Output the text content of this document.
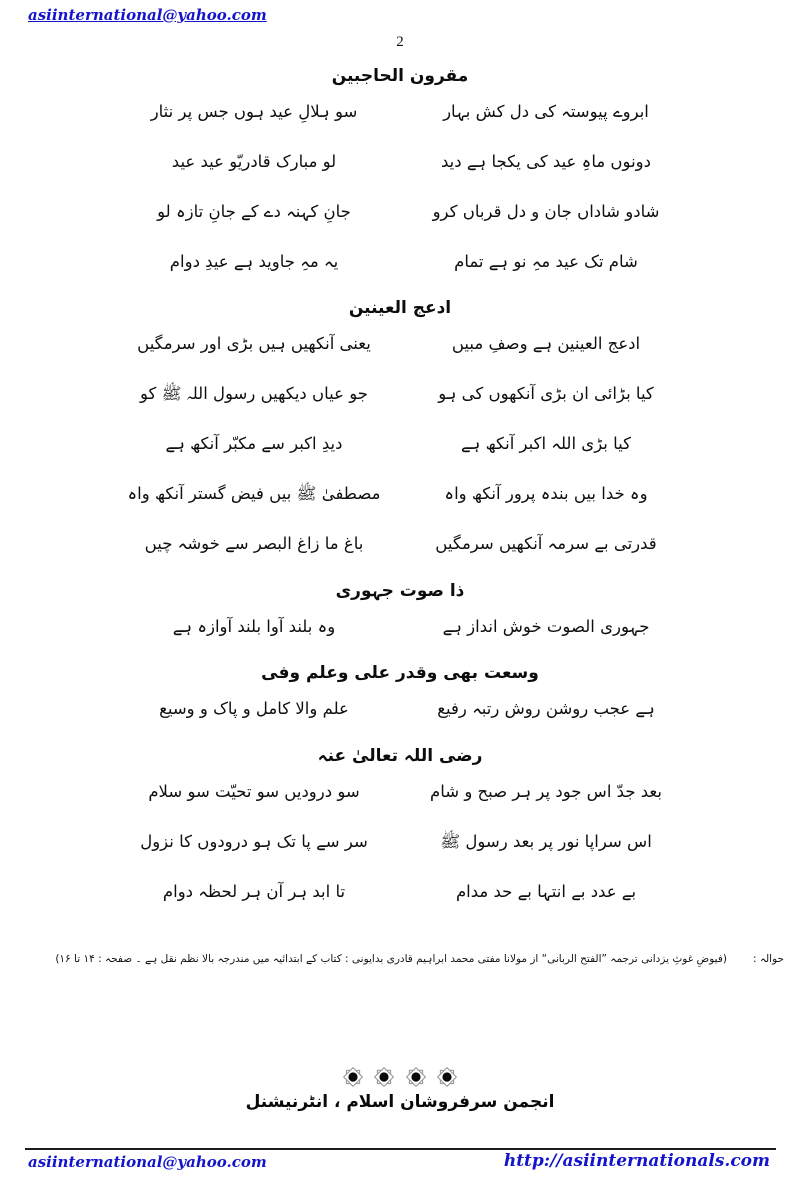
asiinternational@yahoo.com
2
مقرون الحاجبین
ابروے پیوستہ کی دل کش بہار
سو ہلالِ عید ہوں جس پر نثار
دونوں ماہِ عید کی یکجا ہے دید
لو مبارک قادریّو عید عید
شادو شاداں جان و دل قرباں کرو
جانِ کہنہ دے کے جانِ تازہ لو
شام تک عید مہِ نو ہے تمام
یہ مہِ جاوید ہے عیدِ دوام
ادعج العینین
ادعج العینین ہے وصفِ مبیں
یعنی آنکھیں ہیں بڑی اور سرمگیں
کیا بڑائی ان بڑی آنکھوں کی ہو
جو عیاں دیکھیں رسول اللہ ﷺ کو
کیا بڑی اللہ اکبر آنکھ ہے
دیدِ اکبر سے مکبّر آنکھ ہے
وہ خدا بیں بندہ پرور آنکھ واہ
مصطفیٰ ﷺ بیں فیض گستر آنکھ واہ
قدرتی بے سرمہ آنکھیں سرمگیں
باغ ما زاغ البصر سے خوشہ چیں
ذا صوت جہوری
جہوری الصوت خوش انداز ہے
وہ بلند آوا بلند آوازہ ہے
وسعت بھی وقدر علی وعلم وفی
ہے عجب روشن روش رتبہ رفیع
علم والا کامل و پاک و وسیع
رضی اللہ تعالیٰ عنہ
بعد جدّ اس جود پر ہر صبح و شام
سو درودیں سو تحیّت سو سلام
اس سراپا نور پر بعد رسول ﷺ
سر سے پا تک ہو درودوں کا نزول
بے عدد بے انتہا بے حد مدام
تا ابد ہر آن ہر لحظہ دوام
حوالہ :
(فیوضِ غوثِ یزدانی ترجمہ ”الفتح الربانی“ از مولانا مفتی محمد ابراہیم قادری بدایونی : کتاب کے ابتدائیہ میں مندرجہ بالا نظم نقل ہے ۔ صفحہ : ۱۴ تا ۱۶)

انجمن سرفروشان اسلام ، انٹرنیشنل
asiinternational@yahoo.com	http://asiinternationals.com
